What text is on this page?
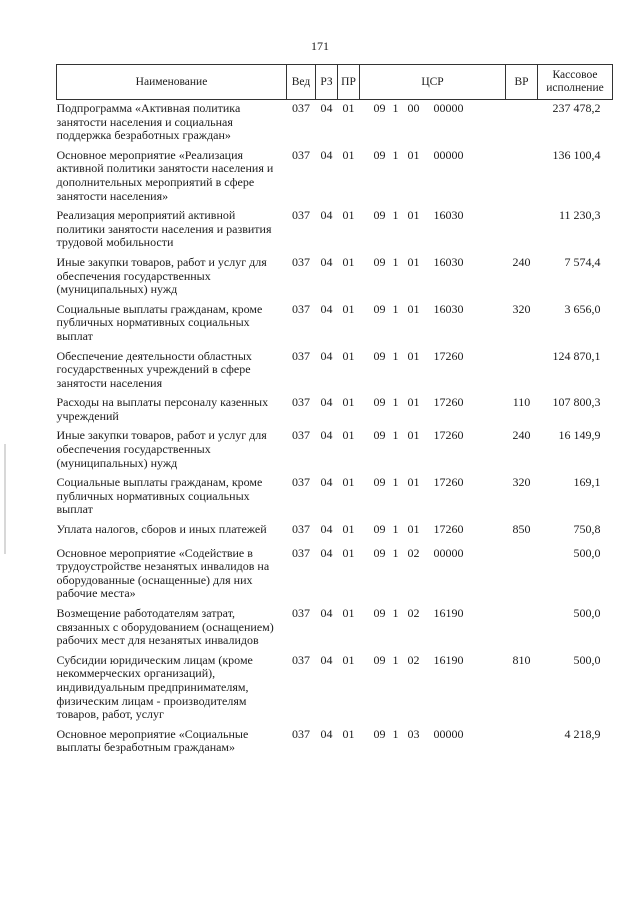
171
Наименование	Вед	РЗ	ПР	ЦСР	ВР	Кассовое исполнение
Подпрограмма «Активная политика занятости населения и социальная поддержка безработных граждан»	037	04	01	09 1 00 00000		237 478,2
Основное мероприятие «Реализация активной политики занятости населения и дополнительных мероприятий в сфере занятости населения»	037	04	01	09 1 01 00000		136 100,4
Реализация мероприятий активной политики занятости населения и развития трудовой мобильности	037	04	01	09 1 01 16030		11 230,3
Иные закупки товаров, работ и услуг для обеспечения государственных (муниципальных) нужд	037	04	01	09 1 01 16030	240	7 574,4
Социальные выплаты гражданам, кроме публичных нормативных социальных выплат	037	04	01	09 1 01 16030	320	3 656,0
Обеспечение деятельности областных государственных учреждений в сфере занятости населения	037	04	01	09 1 01 17260		124 870,1
Расходы на выплаты персоналу казенных учреждений	037	04	01	09 1 01 17260	110	107 800,3
Иные закупки товаров, работ и услуг для обеспечения государственных (муниципальных) нужд	037	04	01	09 1 01 17260	240	16 149,9
Социальные выплаты гражданам, кроме публичных нормативных социальных выплат	037	04	01	09 1 01 17260	320	169,1
Уплата налогов, сборов и иных платежей	037	04	01	09 1 01 17260	850	750,8
Основное мероприятие «Содействие в трудоустройстве незанятых инвалидов на оборудованные (оснащенные) для них рабочие места»	037	04	01	09 1 02 00000		500,0
Возмещение работодателям затрат, связанных с оборудованием (оснащением) рабочих мест для незанятых инвалидов	037	04	01	09 1 02 16190		500,0
Субсидии юридическим лицам (кроме некоммерческих организаций), индивидуальным предпринимателям, физическим лицам - производителям товаров, работ, услуг	037	04	01	09 1 02 16190	810	500,0
Основное мероприятие «Социальные выплаты безработным гражданам»	037	04	01	09 1 03 00000		4 218,9
